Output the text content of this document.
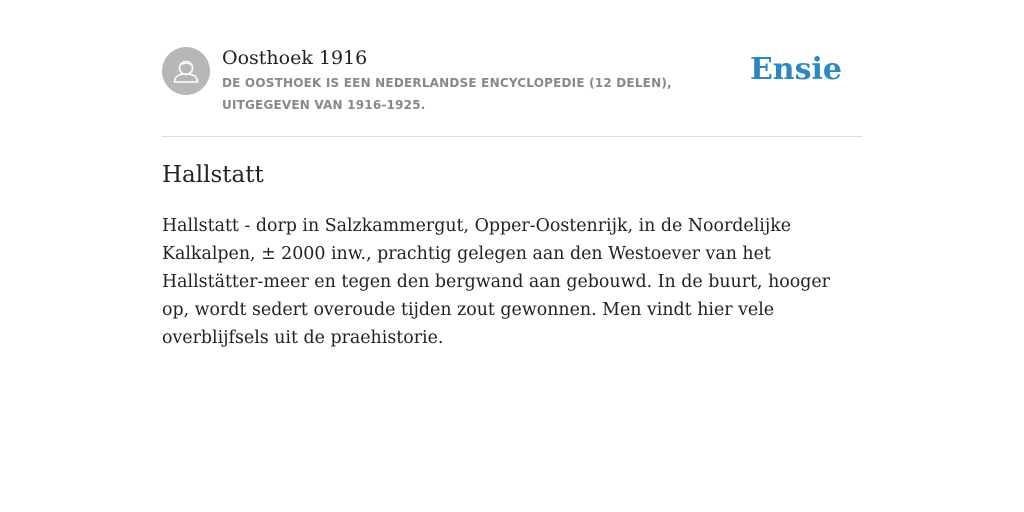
Oosthoek 1916
DE OOSTHOEK IS EEN NEDERLANDSE ENCYCLOPEDIE (12 DELEN), UITGEGEVEN VAN 1916-1925.
Ensie
Hallstatt

Hallstatt - dorp in Salzkammergut, Opper-Oostenrijk, in de Noordelijke Kalkalpen, ± 2000 inw., prachtig gelegen aan den Westoever van het Hallstätter-meer en tegen den bergwand aan gebouwd. In de buurt, hooger op, wordt sedert overoude tijden zout gewonnen. Men vindt hier vele overblijfsels uit de praehistorie.
